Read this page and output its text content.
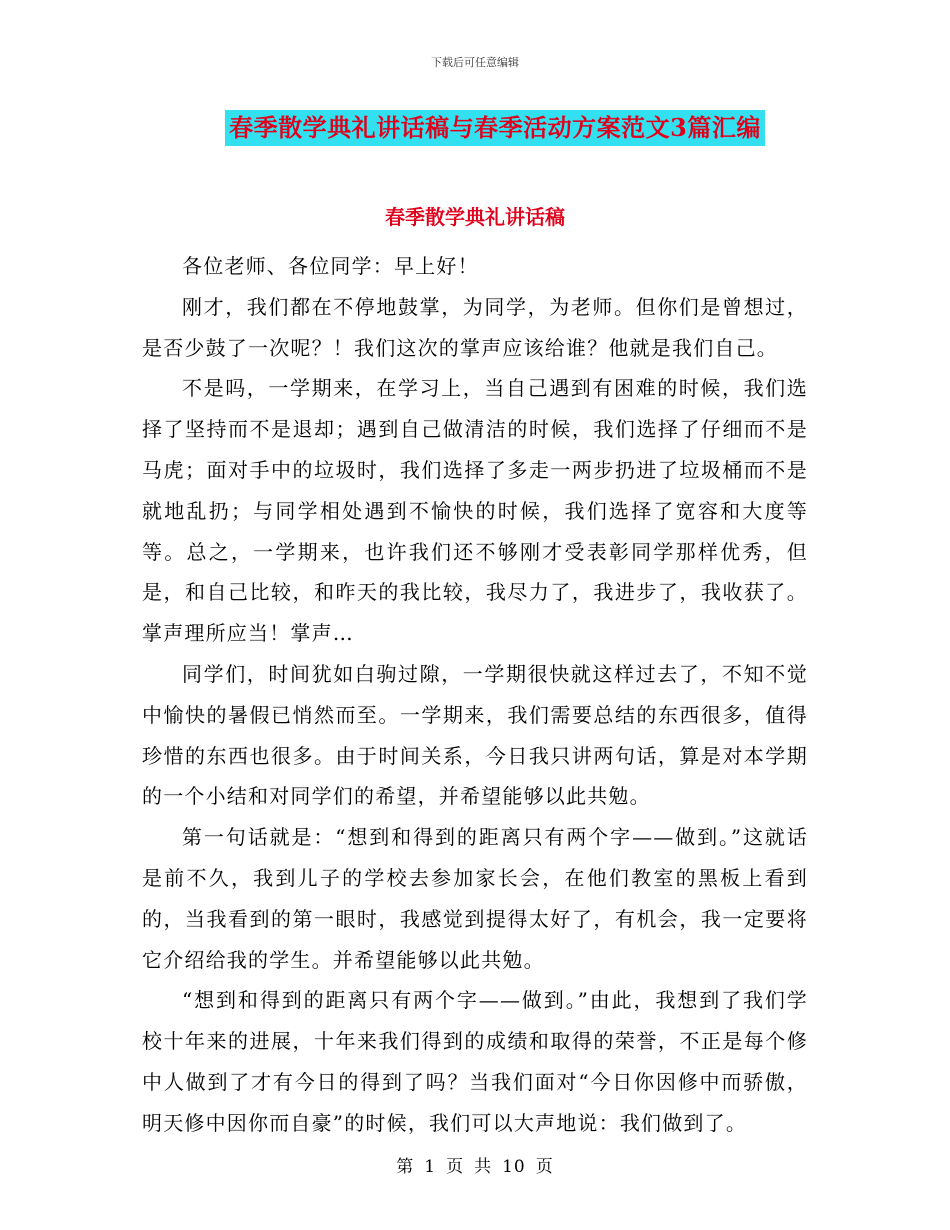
下载后可任意编辑
春季散学典礼讲话稿与春季活动方案范文3篇汇编
春季散学典礼讲话稿

各位老师、各位同学：早上好！

刚才，我们都在不停地鼓掌，为同学，为老师。但你们是曾想过，是否少鼓了一次呢？！我们这次的掌声应该给谁？他就是我们自己。

不是吗，一学期来，在学习上，当自己遇到有困难的时候，我们选择了坚持而不是退却；遇到自己做清洁的时候，我们选择了仔细而不是马虎；面对手中的垃圾时，我们选择了多走一两步扔进了垃圾桶而不是就地乱扔；与同学相处遇到不愉快的时候，我们选择了宽容和大度等等。总之，一学期来，也许我们还不够刚才受表彰同学那样优秀，但是，和自己比较，和昨天的我比较，我尽力了，我进步了，我收获了。掌声理所应当！掌声…

同学们，时间犹如白驹过隙，一学期很快就这样过去了，不知不觉中愉快的暑假已悄然而至。一学期来，我们需要总结的东西很多，值得珍惜的东西也很多。由于时间关系，今日我只讲两句话，算是对本学期的一个小结和对同学们的希望，并希望能够以此共勉。

第一句话就是：“想到和得到的距离只有两个字——做到。”这就话是前不久，我到儿子的学校去参加家长会，在他们教室的黑板上看到的，当我看到的第一眼时，我感觉到提得太好了，有机会，我一定要将它介绍给我的学生。并希望能够以此共勉。

“想到和得到的距离只有两个字——做到。”由此，我想到了我们学校十年来的进展，十年来我们得到的成绩和取得的荣誉，不正是每个修中人做到了才有今日的得到了吗？当我们面对“今日你因修中而骄傲，明天修中因你而自豪”的时候，我们可以大声地说：我们做到了。

第 1 页 共 10 页
